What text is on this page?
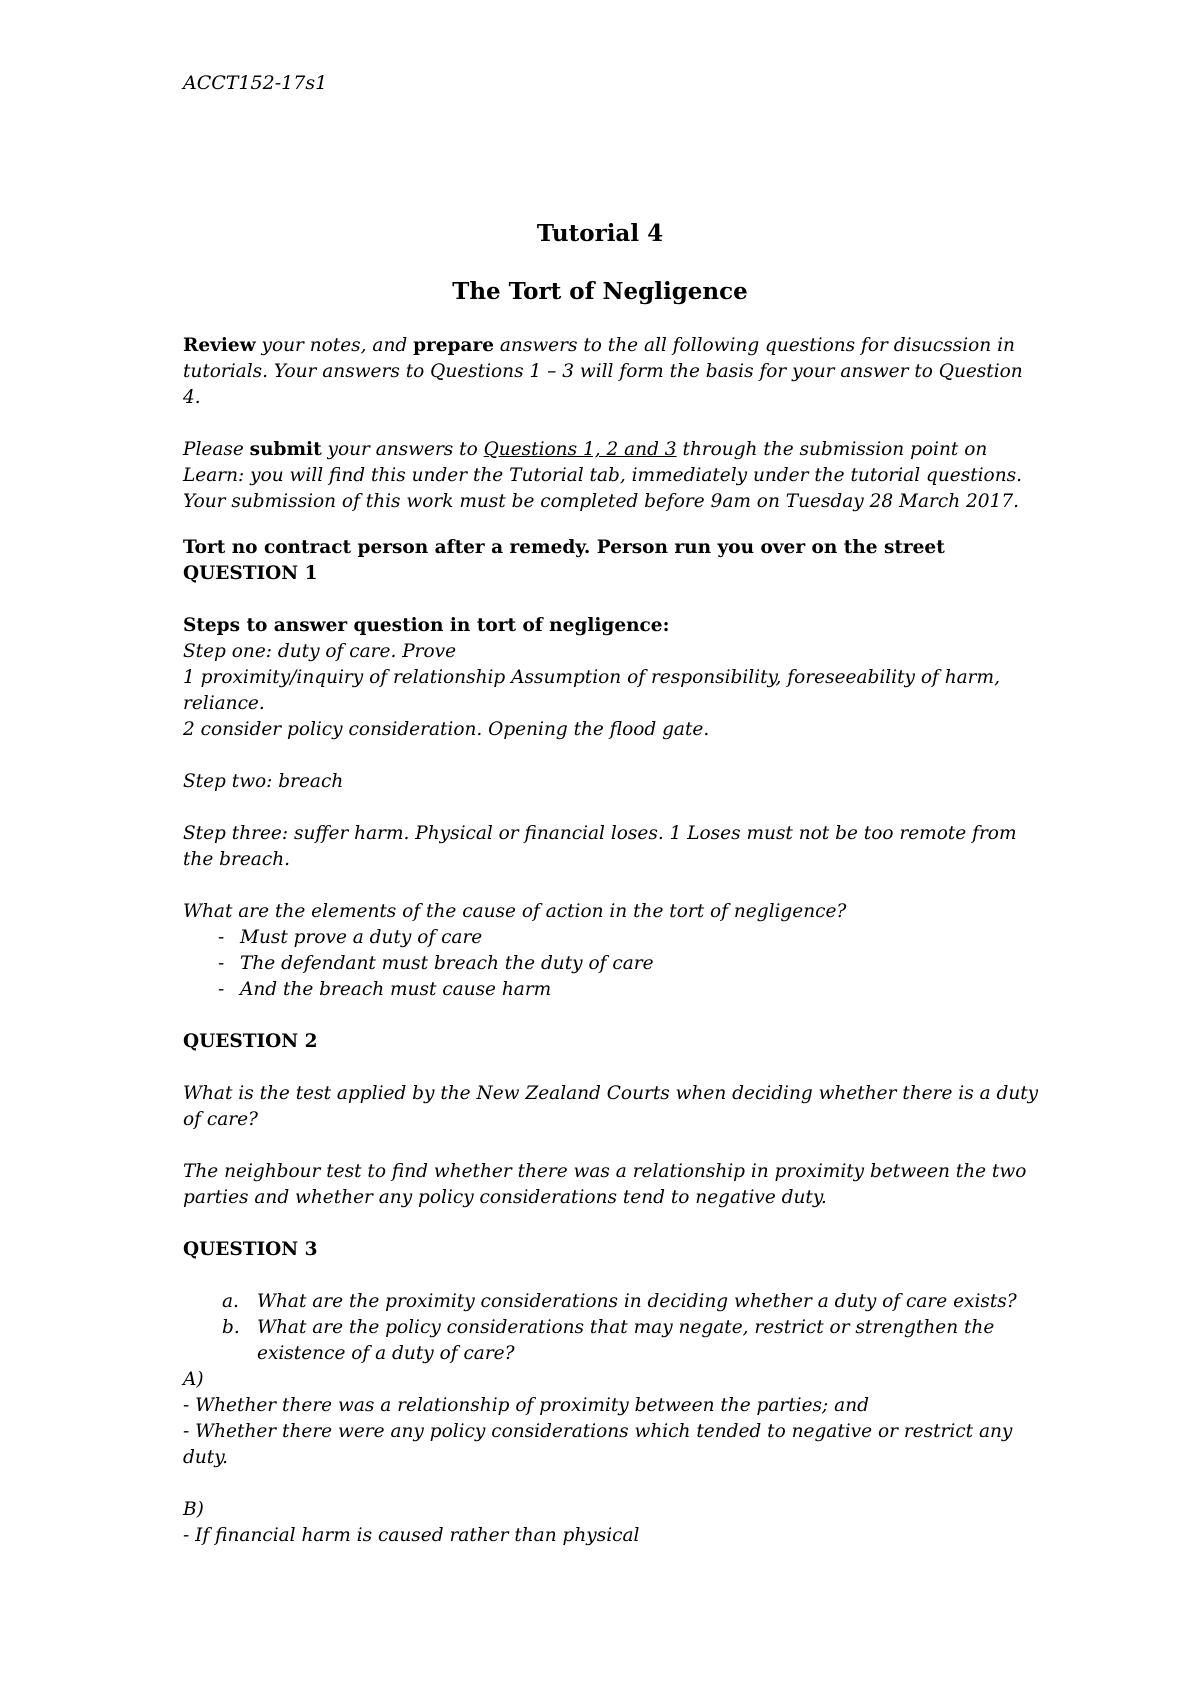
ACCT152-17s1
Tutorial 4
The Tort of Negligence

Review your notes, and prepare answers to the all following questions for disucssion in tutorials. Your answers to Questions 1 – 3 will form the basis for your answer to Question 4.

Please submit your answers to Questions 1, 2 and 3 through the submission point on Learn: you will find this under the Tutorial tab, immediately under the tutorial questions. Your submission of this work must be completed before 9am on Tuesday 28 March 2017.

Tort no contract person after a remedy. Person run you over on the street

QUESTION 1

Steps to answer question in tort of negligence:

Step one: duty of care. Prove

1 proximity/inquiry of relationship Assumption of responsibility, foreseeability of harm, reliance.

2 consider policy consideration. Opening the flood gate.

Step two: breach

Step three: suffer harm. Physical or financial loses. 1 Loses must not be too remote from the breach.

What are the elements of the cause of action in the tort of negligence?

- Must prove a duty of care
- The defendant must breach the duty of care
- And the breach must cause harm

QUESTION 2

What is the test applied by the New Zealand Courts when deciding whether there is a duty of care?

The neighbour test to find whether there was a relationship in proximity between the two parties and whether any policy considerations tend to negative duty.

QUESTION 3

a. What are the proximity considerations in deciding whether a duty of care exists?
b. What are the policy considerations that may negate, restrict or strengthen the existence of a duty of care?

A)

- Whether there was a relationship of proximity between the parties; and

- Whether there were any policy considerations which tended to negative or restrict any duty.

B)

- If financial harm is caused rather than physical
